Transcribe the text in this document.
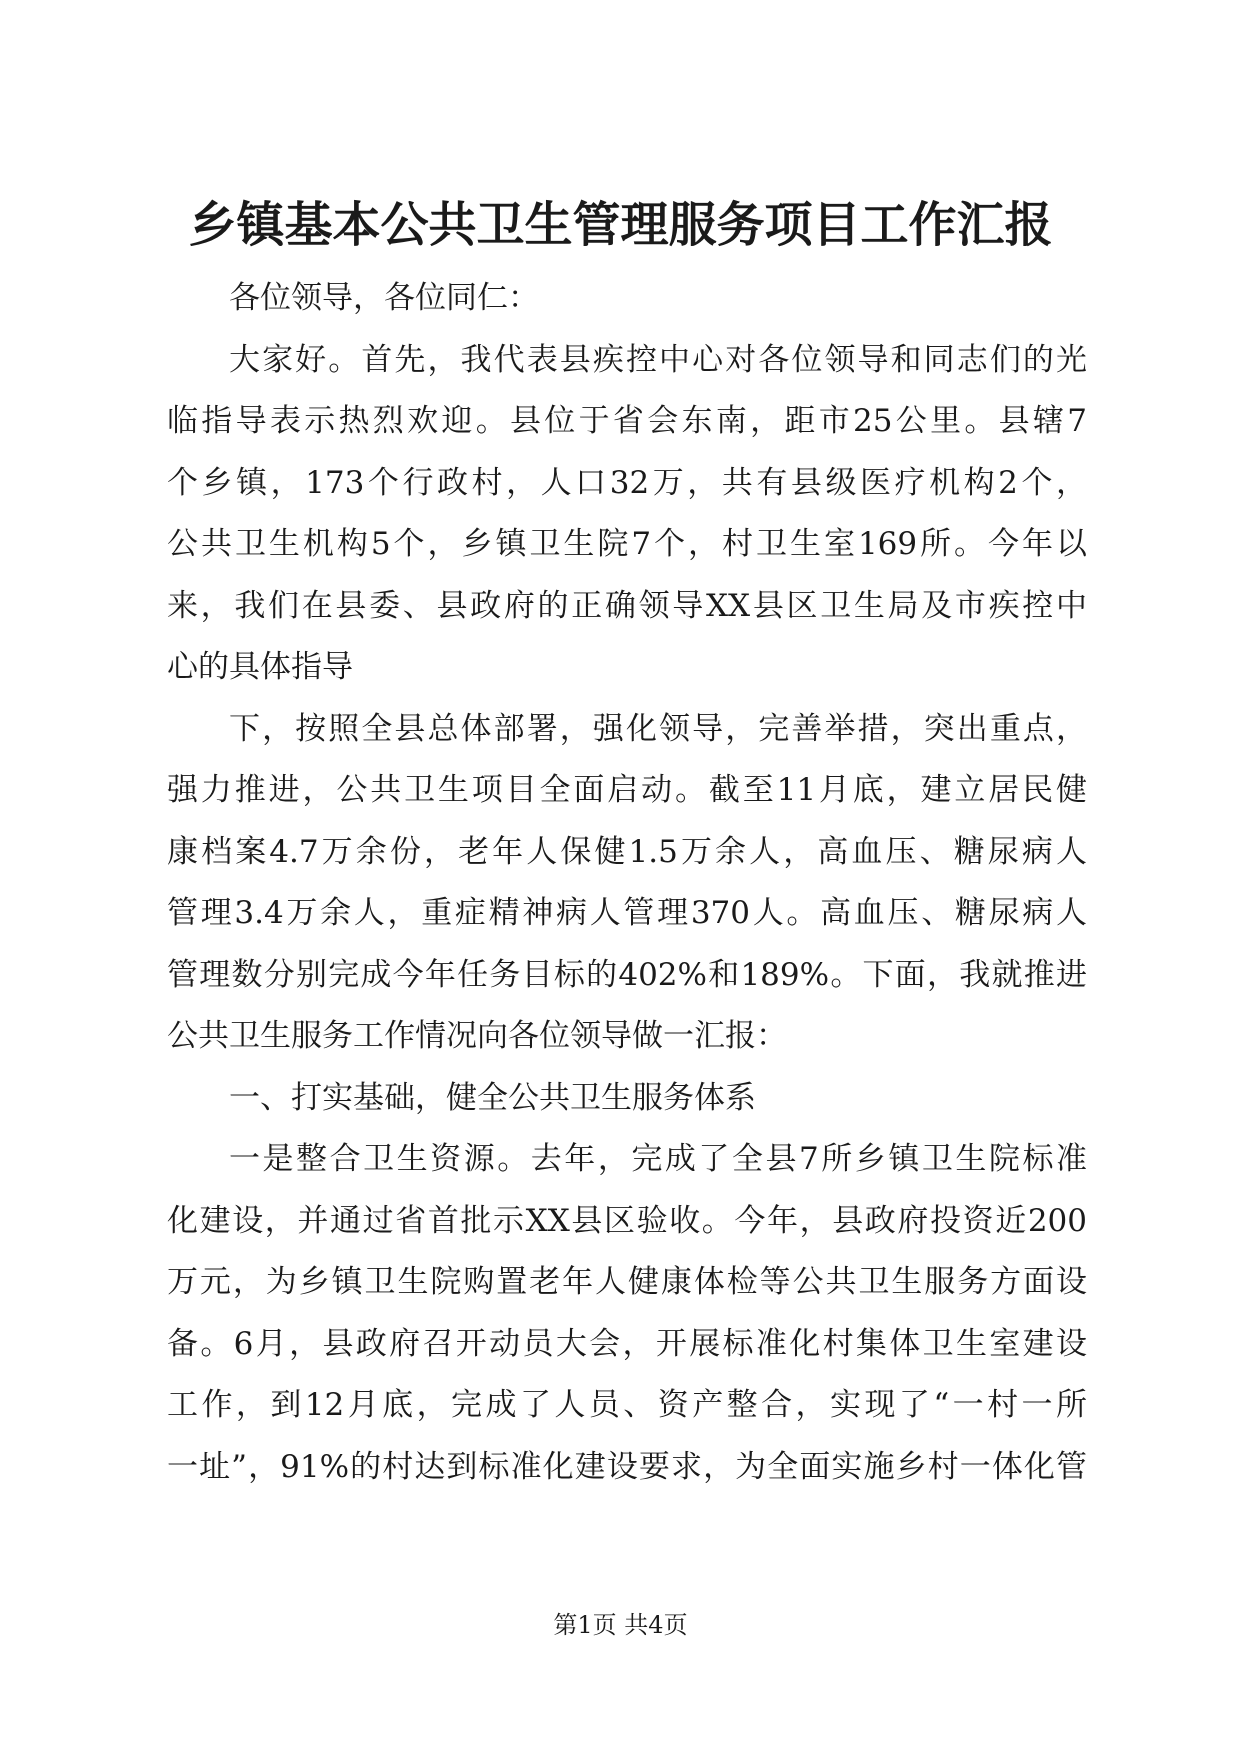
乡镇基本公共卫生管理服务项目工作汇报

各位领导，各位同仁：

大家好。首先，我代表县疾控中心对各位领导和同志们的光
临指导表示热烈欢迎。县位于省会东南，距市25公里。县辖7
个乡镇，173个行政村，人口32万，共有县级医疗机构2个，
公共卫生机构5个，乡镇卫生院7个，村卫生室169所。今年以
来，我们在县委、县政府的正确领导XX县区卫生局及市疾控中
心的具体指导

下，按照全县总体部署，强化领导，完善举措，突出重点，
强力推进，公共卫生项目全面启动。截至11月底，建立居民健
康档案4.7万余份，老年人保健1.5万余人，高血压、糖尿病人
管理3.4万余人，重症精神病人管理370人。高血压、糖尿病人
管理数分别完成今年任务目标的402%和189%。下面，我就推进
公共卫生服务工作情况向各位领导做一汇报：

一、打实基础，健全公共卫生服务体系

一是整合卫生资源。去年，完成了全县7所乡镇卫生院标准
化建设，并通过省首批示XX县区验收。今年，县政府投资近200
万元，为乡镇卫生院购置老年人健康体检等公共卫生服务方面设
备。6月，县政府召开动员大会，开展标准化村集体卫生室建设
工作，到12月底，完成了人员、资产整合，实现了“一村一所
一址”，91%的村达到标准化建设要求，为全面实施乡村一体化管

第1页 共4页
